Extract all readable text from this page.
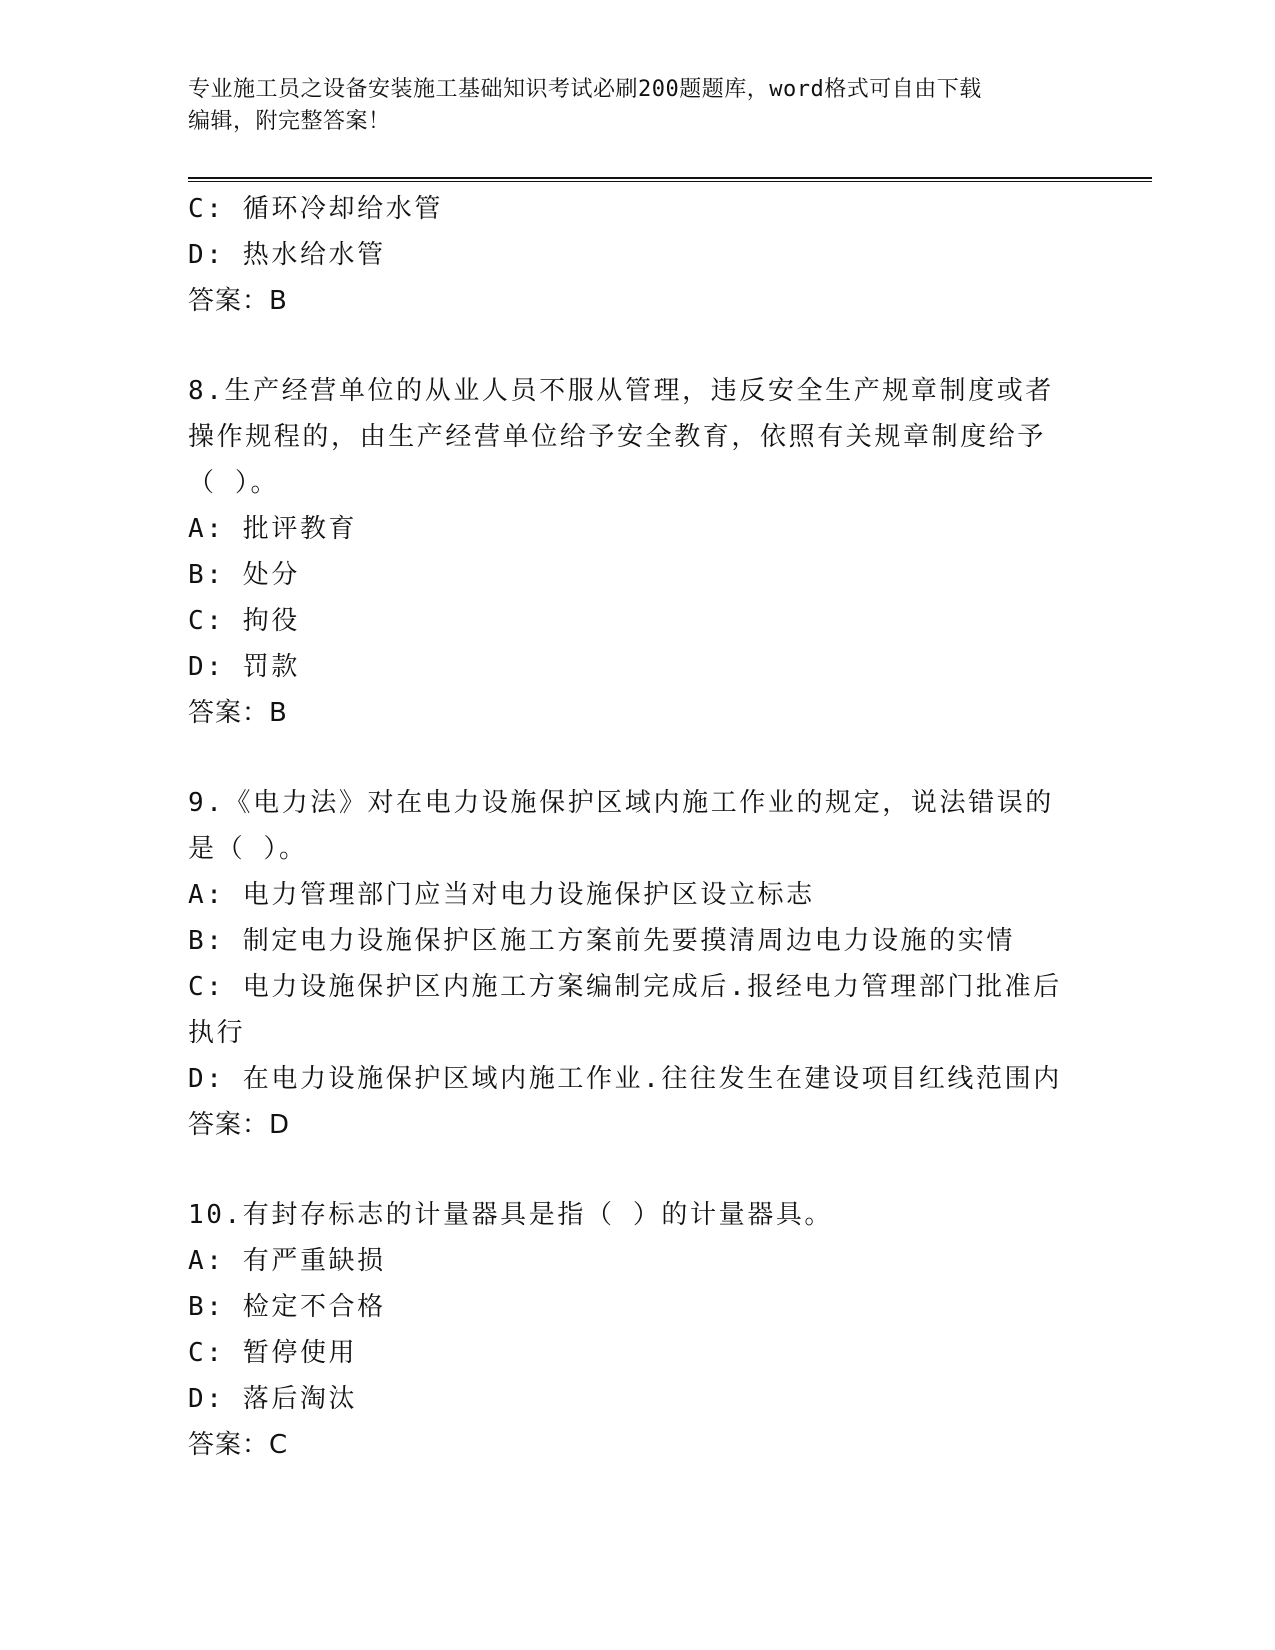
专业施工员之设备安装施工基础知识考试必刷200题题库，word格式可自由下载
编辑，附完整答案！

C: 循环冷却给水管

D: 热水给水管

答案：B

8.生产经营单位的从业人员不服从管理，违反安全生产规章制度或者

操作规程的，由生产经营单位给予安全教育，依照有关规章制度给予

（ ）。

A: 批评教育

B: 处分

C: 拘役

D: 罚款

答案：B

9.《电力法》对在电力设施保护区域内施工作业的规定，说法错误的

是（ ）。

A: 电力管理部门应当对电力设施保护区设立标志

B: 制定电力设施保护区施工方案前先要摸清周边电力设施的实情

C: 电力设施保护区内施工方案编制完成后.报经电力管理部门批准后

执行

D: 在电力设施保护区域内施工作业.往往发生在建设项目红线范围内

答案：D

10.有封存标志的计量器具是指（ ）的计量器具。

A: 有严重缺损

B: 检定不合格

C: 暂停使用

D: 落后淘汰

答案：C
